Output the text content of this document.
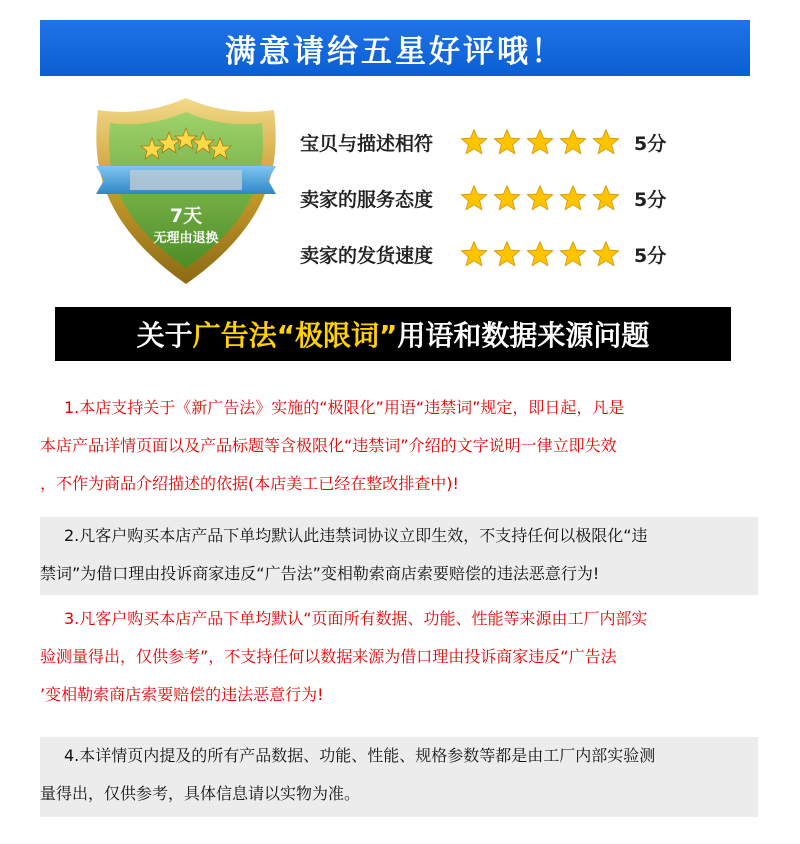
满意请给五星好评哦！
7天
无理由退换
宝贝与描述相符	5分
卖家的服务态度	5分
卖家的发货速度	5分
关于 广告法“极限词” 用语和数据来源问题
1.本店支持关于《新广告法》实施的“极限化”用语“违禁词”规定，即日起，凡是
本店产品详情页面以及产品标题等含极限化“违禁词”介绍的文字说明一律立即失效
，不作为商品介绍描述的依据(本店美工已经在整改排查中)!
2.凡客户购买本店产品下单均默认此违禁词协议立即生效，不支持任何以极限化“违
禁词”为借口理由投诉商家违反“广告法”变相勒索商店索要赔偿的违法恶意行为!
3.凡客户购买本店产品下单均默认“页面所有数据、功能、性能等来源由工厂内部实
验测量得出，仅供参考”，不支持任何以数据来源为借口理由投诉商家违反“广告法
’变相勒索商店索要赔偿的违法恶意行为!
4.本详情页内提及的所有产品数据、功能、性能、规格参数等都是由工厂内部实验测
量得出，仅供参考，具体信息请以实物为准。
